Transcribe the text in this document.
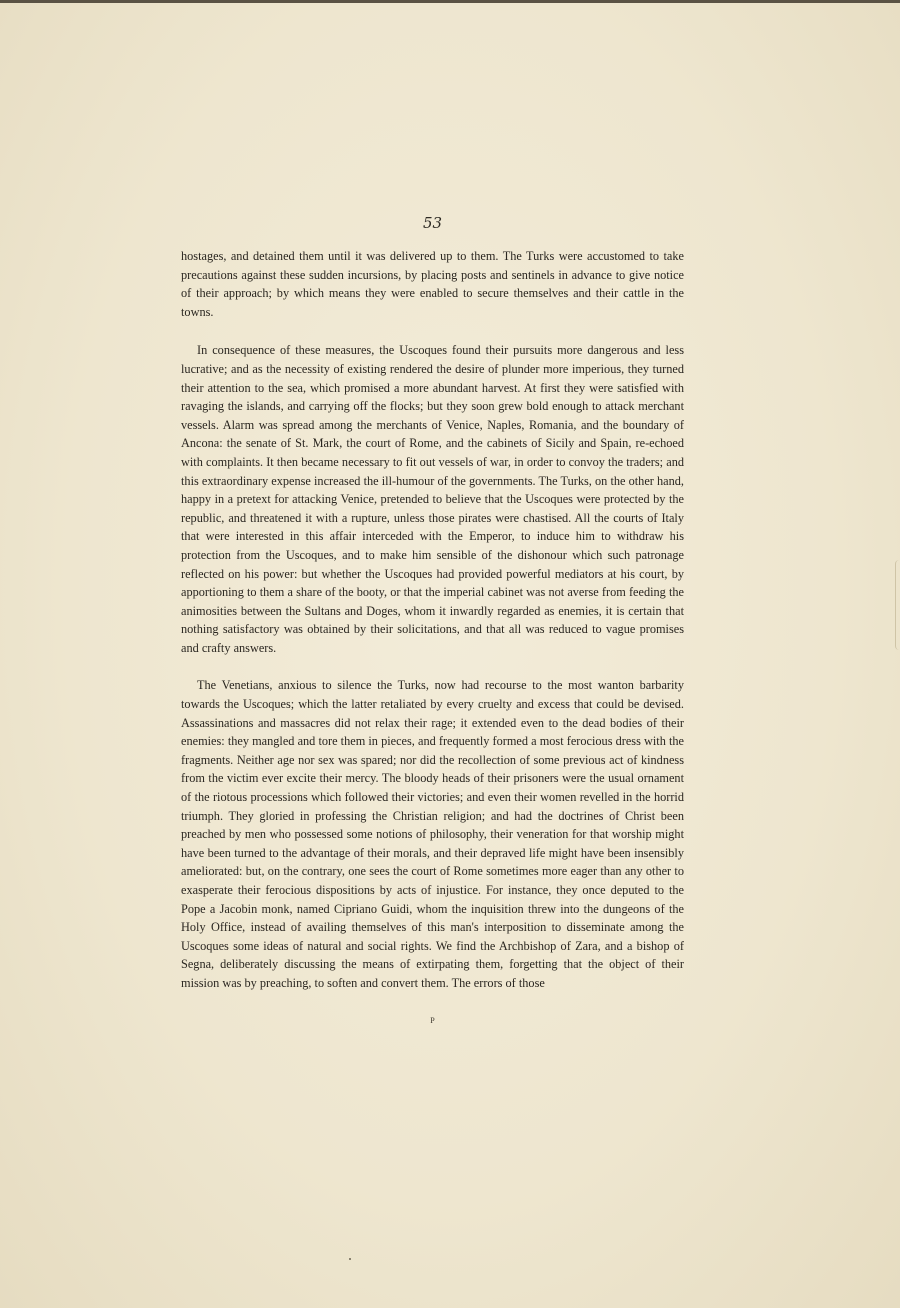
53

hostages, and detained them until it was delivered up to them. The Turks were accustomed to take precautions against these sudden incursions, by placing posts and sentinels in advance to give notice of their approach; by which means they were enabled to secure themselves and their cattle in the towns.

In consequence of these measures, the Uscoques found their pursuits more dangerous and less lucrative; and as the necessity of existing rendered the desire of plunder more imperious, they turned their attention to the sea, which promised a more abundant harvest. At first they were satisfied with ravaging the islands, and carrying off the flocks; but they soon grew bold enough to attack merchant vessels. Alarm was spread among the merchants of Venice, Naples, Romania, and the boundary of Ancona: the senate of St. Mark, the court of Rome, and the cabinets of Sicily and Spain, re-echoed with complaints. It then became necessary to fit out vessels of war, in order to convoy the traders; and this extraordinary expense increased the ill-humour of the governments. The Turks, on the other hand, happy in a pretext for attacking Venice, pretended to believe that the Uscoques were protected by the republic, and threatened it with a rupture, unless those pirates were chastised. All the courts of Italy that were interested in this affair interceded with the Emperor, to induce him to withdraw his protection from the Uscoques, and to make him sensible of the dishonour which such patronage reflected on his power: but whether the Uscoques had provided powerful mediators at his court, by apportioning to them a share of the booty, or that the imperial cabinet was not averse from feeding the animosities between the Sultans and Doges, whom it inwardly regarded as enemies, it is certain that nothing satisfactory was obtained by their solicitations, and that all was reduced to vague promises and crafty answers.

The Venetians, anxious to silence the Turks, now had recourse to the most wanton barbarity towards the Uscoques; which the latter retaliated by every cruelty and excess that could be devised. Assassinations and massacres did not relax their rage; it extended even to the dead bodies of their enemies: they mangled and tore them in pieces, and frequently formed a most ferocious dress with the fragments. Neither age nor sex was spared; nor did the recollection of some previous act of kindness from the victim ever excite their mercy. The bloody heads of their prisoners were the usual ornament of the riotous processions which followed their victories; and even their women revelled in the horrid triumph. They gloried in professing the Christian religion; and had the doctrines of Christ been preached by men who possessed some notions of philosophy, their veneration for that worship might have been turned to the advantage of their morals, and their depraved life might have been insensibly ameliorated: but, on the contrary, one sees the court of Rome sometimes more eager than any other to exasperate their ferocious dispositions by acts of injustice. For instance, they once deputed to the Pope a Jacobin monk, named Cipriano Guidi, whom the inquisition threw into the dungeons of the Holy Office, instead of availing themselves of this man's interposition to disseminate among the Uscoques some ideas of natural and social rights. We find the Archbishop of Zara, and a bishop of Segna, deliberately discussing the means of extirpating them, forgetting that the object of their mission was by preaching, to soften and convert them. The errors of those

P
